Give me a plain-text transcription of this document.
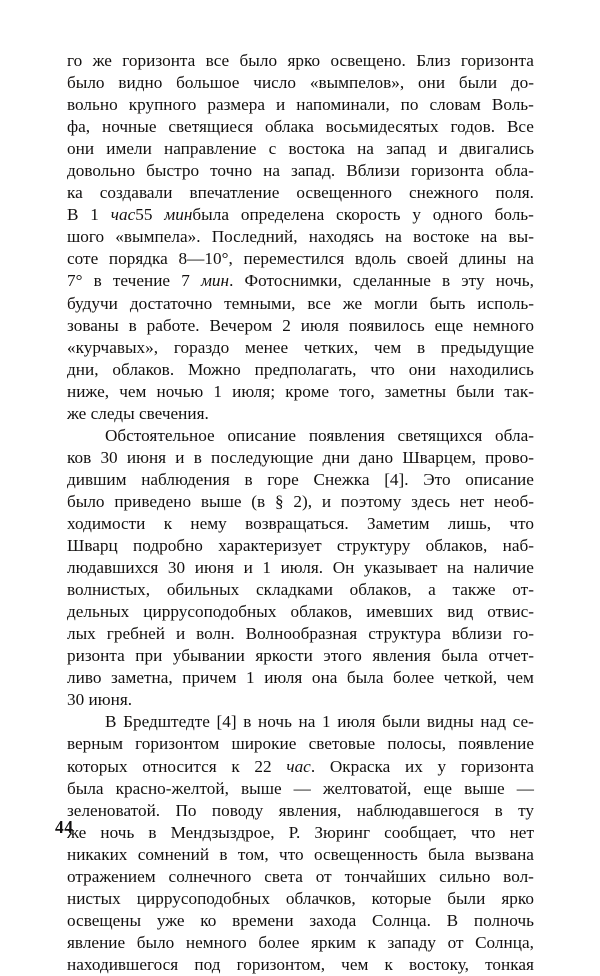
го же горизонта все было ярко освещено. Близ горизонта
было видно большое число «вымпелов», они были до-
вольно крупного размера и напоминали, по словам Воль-
фа, ночные светящиеся облака восьмидесятых годов. Все
они имели направление с востока на запад и двигались
довольно быстро точно на запад. Вблизи горизонта обла-
ка создавали впечатление освещенного снежного поля.
В 1 час55 минбыла определена скорость у одного боль-
шого «вымпела». Последний, находясь на востоке на вы-
соте порядка 8—10°, переместился вдоль своей длины на
7° в течение 7 мин. Фотоснимки, сделанные в эту ночь,
будучи достаточно темными, все же могли быть исполь-
зованы в работе. Вечером 2 июля появилось еще немного
«курчавых», гораздо менее четких, чем в предыдущие
дни, облаков. Можно предполагать, что они находились
ниже, чем ночью 1 июля; кроме того, заметны были так-
же следы свечения.
Обстоятельное описание появления светящихся обла-
ков 30 июня и в последующие дни дано Шварцем, прово-
дившим наблюдения в горе Снежка [4]. Это описание
было приведено выше (в § 2), и поэтому здесь нет необ-
ходимости к нему возвращаться. Заметим лишь, что
Шварц подробно характеризует структуру облаков, наб-
людавшихся 30 июня и 1 июля. Он указывает на наличие
волнистых, обильных складками облаков, а также от-
дельных циррусоподобных облаков, имевших вид отвис-
лых гребней и волн. Волнообразная структура вблизи го-
ризонта при убывании яркости этого явления была отчет-
ливо заметна, причем 1 июля она была более четкой, чем
30 июня.
В Бредштедте [4] в ночь на 1 июля были видны над се-
верным горизонтом широкие световые полосы, появление
которых относится к 22 час. Окраска их у горизонта
была красно-желтой, выше — желтоватой, еще выше —
зеленоватой. По поводу явления, наблюдавшегося в ту
же ночь в Мендзыздрое, Р. Зюринг сообщает, что нет
никаких сомнений в том, что освещенность была вызвана
отражением солнечного света от тончайших сильно вол-
нистых циррусоподобных облачков, которые были ярко
освещены уже ко времени захода Солнца. В полночь
явление было немного более ярким к западу от Солнца,
находившегося под горизонтом, чем к востоку, тонкая
44
